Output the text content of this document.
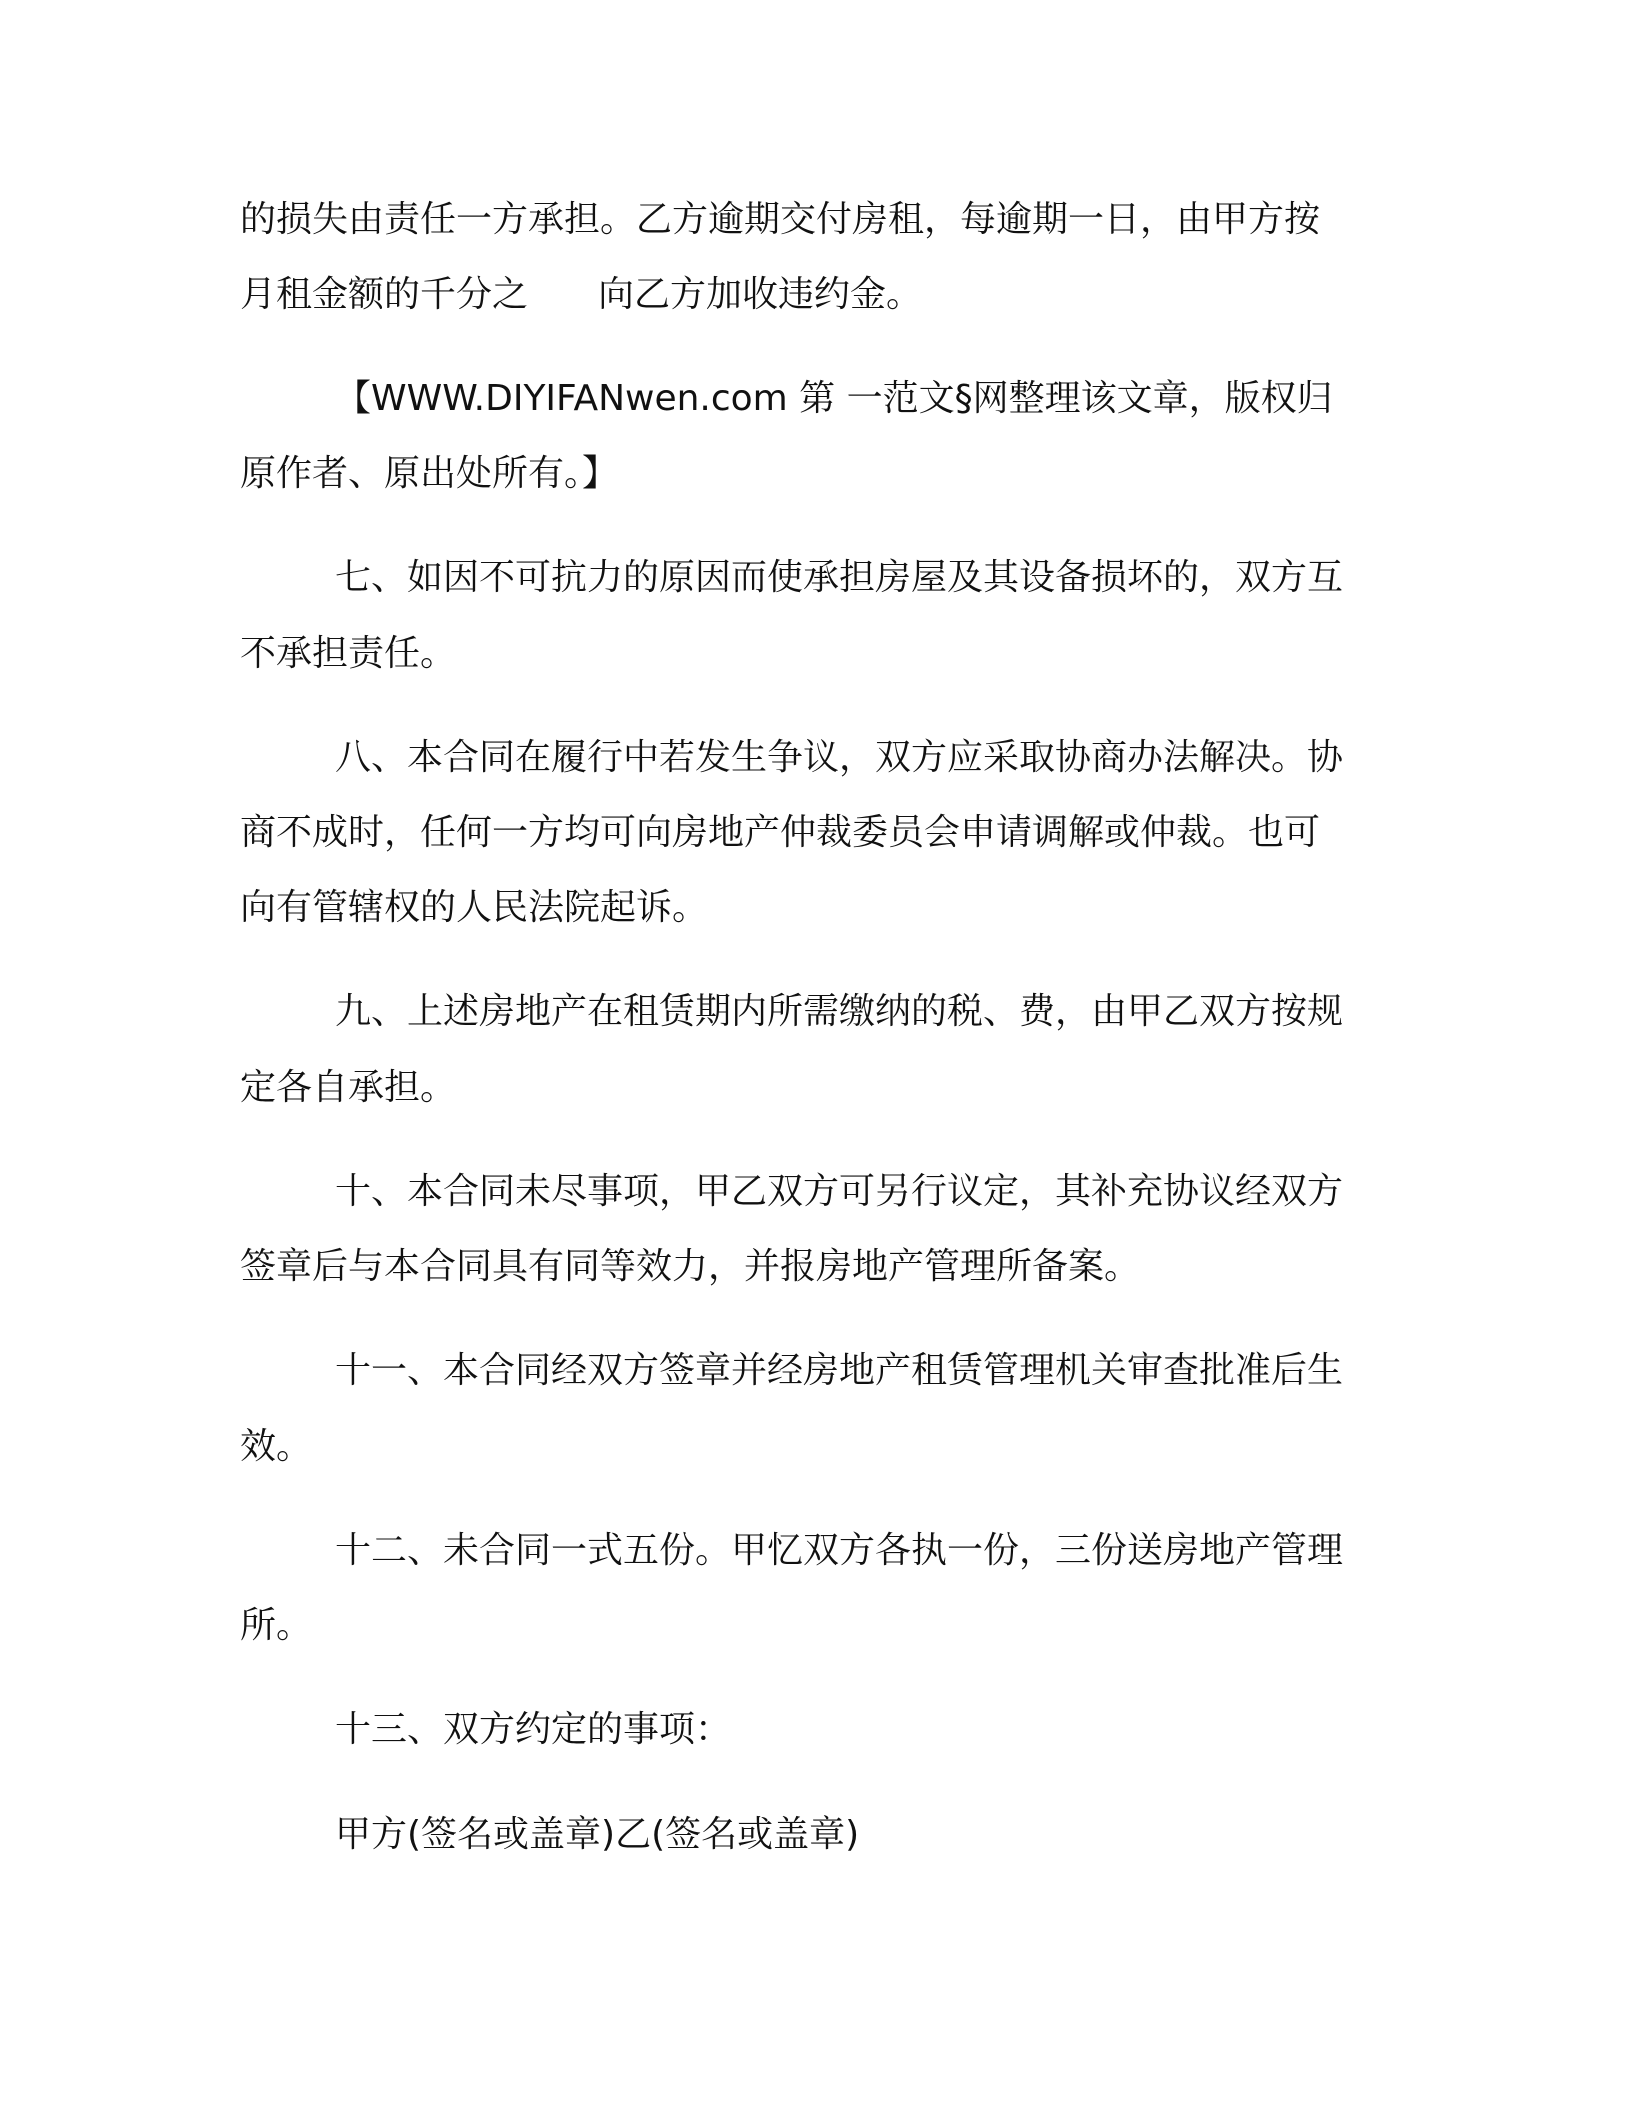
的损失由责任一方承担。乙方逾期交付房租，每逾期一日，由甲方按
月租金额的千分之 向乙方加收违约金。
【WWW.DIYIFANwen.com 第 一范文§网整理该文章，版权归
原作者、原出处所有。】
七、如因不可抗力的原因而使承担房屋及其设备损坏的，双方互
不承担责任。
八、本合同在履行中若发生争议，双方应采取协商办法解决。协
商不成时，任何一方均可向房地产仲裁委员会申请调解或仲裁。也可
向有管辖权的人民法院起诉。
九、上述房地产在租赁期内所需缴纳的税、费，由甲乙双方按规
定各自承担。
十、本合同未尽事项，甲乙双方可另行议定，其补充协议经双方
签章后与本合同具有同等效力，并报房地产管理所备案。
十一、本合同经双方签章并经房地产租赁管理机关审查批准后生
效。
十二、未合同一式五份。甲忆双方各执一份，三份送房地产管理
所。
十三、双方约定的事项：
甲方(签名或盖章)乙(签名或盖章)
